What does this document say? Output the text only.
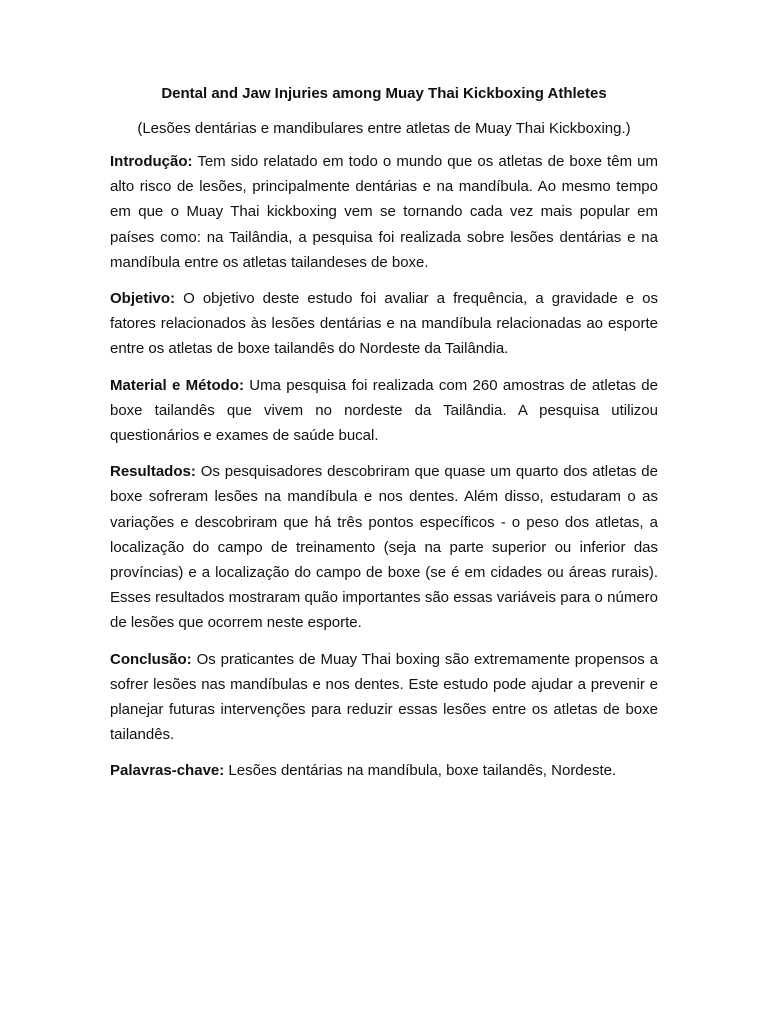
Dental and Jaw Injuries among Muay Thai Kickboxing Athletes

(Lesões dentárias e mandibulares entre atletas de Muay Thai Kickboxing.)

Introdução: Tem sido relatado em todo o mundo que os atletas de boxe têm um alto risco de lesões, principalmente dentárias e na mandíbula. Ao mesmo tempo em que o Muay Thai kickboxing vem se tornando cada vez mais popular em países como: na Tailândia, a pesquisa foi realizada sobre lesões dentárias e na mandíbula entre os atletas tailandeses de boxe.

Objetivo: O objetivo deste estudo foi avaliar a frequência, a gravidade e os fatores relacionados às lesões dentárias e na mandíbula relacionadas ao esporte entre os atletas de boxe tailandês do Nordeste da Tailândia.

Material e Método: Uma pesquisa foi realizada com 260 amostras de atletas de boxe tailandês que vivem no nordeste da Tailândia. A pesquisa utilizou questionários e exames de saúde bucal.

Resultados: Os pesquisadores descobriram que quase um quarto dos atletas de boxe sofreram lesões na mandíbula e nos dentes. Além disso, estudaram o as variações e descobriram que há três pontos específicos - o peso dos atletas, a localização do campo de treinamento (seja na parte superior ou inferior das províncias) e a localização do campo de boxe (se é em cidades ou áreas rurais). Esses resultados mostraram quão importantes são essas variáveis para o número de lesões que ocorrem neste esporte.

Conclusão: Os praticantes de Muay Thai boxing são extremamente propensos a sofrer lesões nas mandíbulas e nos dentes. Este estudo pode ajudar a prevenir e planejar futuras intervenções para reduzir essas lesões entre os atletas de boxe tailandês.

Palavras-chave: Lesões dentárias na mandíbula, boxe tailandês, Nordeste.
